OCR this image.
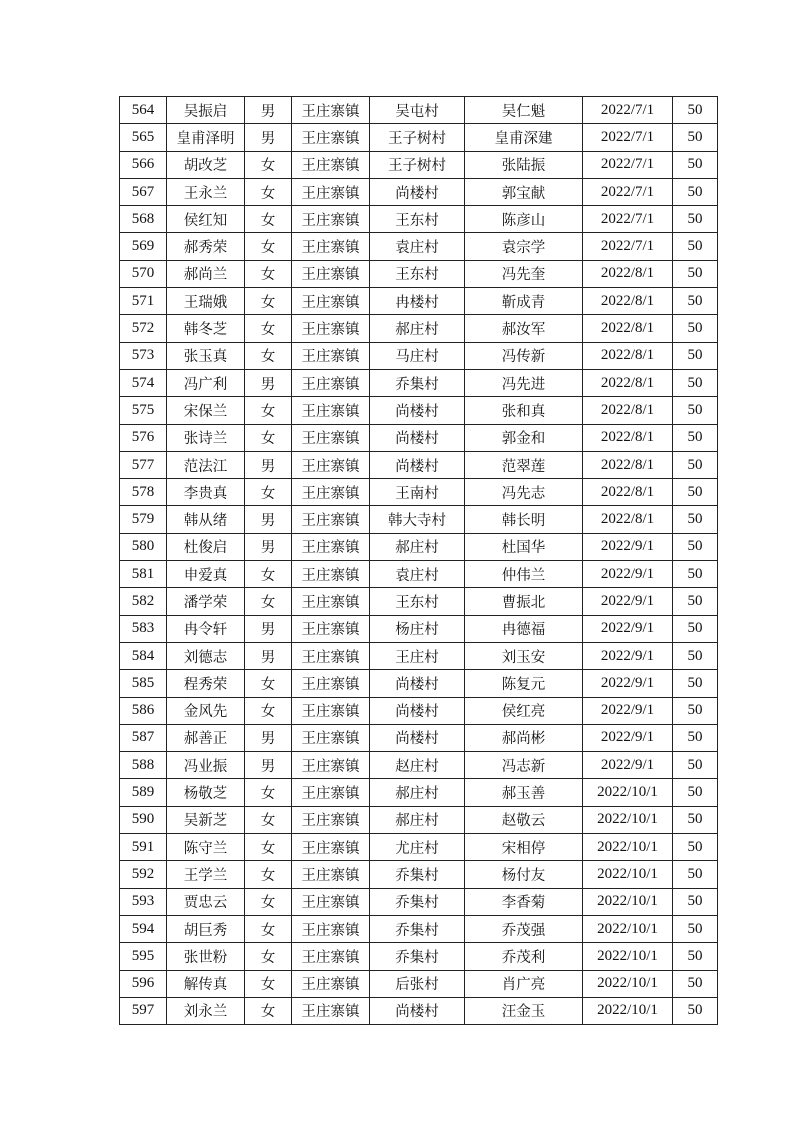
564	吴振启	男	王庄寨镇	吴屯村	吴仁魁	2022/7/1	50
565	皇甫泽明	男	王庄寨镇	王子树村	皇甫深建	2022/7/1	50
566	胡改芝	女	王庄寨镇	王子树村	张陆振	2022/7/1	50
567	王永兰	女	王庄寨镇	尚楼村	郭宝献	2022/7/1	50
568	侯红知	女	王庄寨镇	王东村	陈彦山	2022/7/1	50
569	郝秀荣	女	王庄寨镇	袁庄村	袁宗学	2022/7/1	50
570	郝尚兰	女	王庄寨镇	王东村	冯先奎	2022/8/1	50
571	王瑞娥	女	王庄寨镇	冉楼村	靳成青	2022/8/1	50
572	韩冬芝	女	王庄寨镇	郝庄村	郝汝军	2022/8/1	50
573	张玉真	女	王庄寨镇	马庄村	冯传新	2022/8/1	50
574	冯广利	男	王庄寨镇	乔集村	冯先进	2022/8/1	50
575	宋保兰	女	王庄寨镇	尚楼村	张和真	2022/8/1	50
576	张诗兰	女	王庄寨镇	尚楼村	郭金和	2022/8/1	50
577	范法江	男	王庄寨镇	尚楼村	范翠莲	2022/8/1	50
578	李贵真	女	王庄寨镇	王南村	冯先志	2022/8/1	50
579	韩从绪	男	王庄寨镇	韩大寺村	韩长明	2022/8/1	50
580	杜俊启	男	王庄寨镇	郝庄村	杜国华	2022/9/1	50
581	申爱真	女	王庄寨镇	袁庄村	仲伟兰	2022/9/1	50
582	潘学荣	女	王庄寨镇	王东村	曹振北	2022/9/1	50
583	冉令轩	男	王庄寨镇	杨庄村	冉德福	2022/9/1	50
584	刘德志	男	王庄寨镇	王庄村	刘玉安	2022/9/1	50
585	程秀荣	女	王庄寨镇	尚楼村	陈复元	2022/9/1	50
586	金风先	女	王庄寨镇	尚楼村	侯红亮	2022/9/1	50
587	郝善正	男	王庄寨镇	尚楼村	郝尚彬	2022/9/1	50
588	冯业振	男	王庄寨镇	赵庄村	冯志新	2022/9/1	50
589	杨敬芝	女	王庄寨镇	郝庄村	郝玉善	2022/10/1	50
590	吴新芝	女	王庄寨镇	郝庄村	赵敬云	2022/10/1	50
591	陈守兰	女	王庄寨镇	尤庄村	宋相停	2022/10/1	50
592	王学兰	女	王庄寨镇	乔集村	杨付友	2022/10/1	50
593	贾忠云	女	王庄寨镇	乔集村	李香菊	2022/10/1	50
594	胡巨秀	女	王庄寨镇	乔集村	乔茂强	2022/10/1	50
595	张世粉	女	王庄寨镇	乔集村	乔茂利	2022/10/1	50
596	解传真	女	王庄寨镇	后张村	肖广亮	2022/10/1	50
597	刘永兰	女	王庄寨镇	尚楼村	汪金玉	2022/10/1	50
